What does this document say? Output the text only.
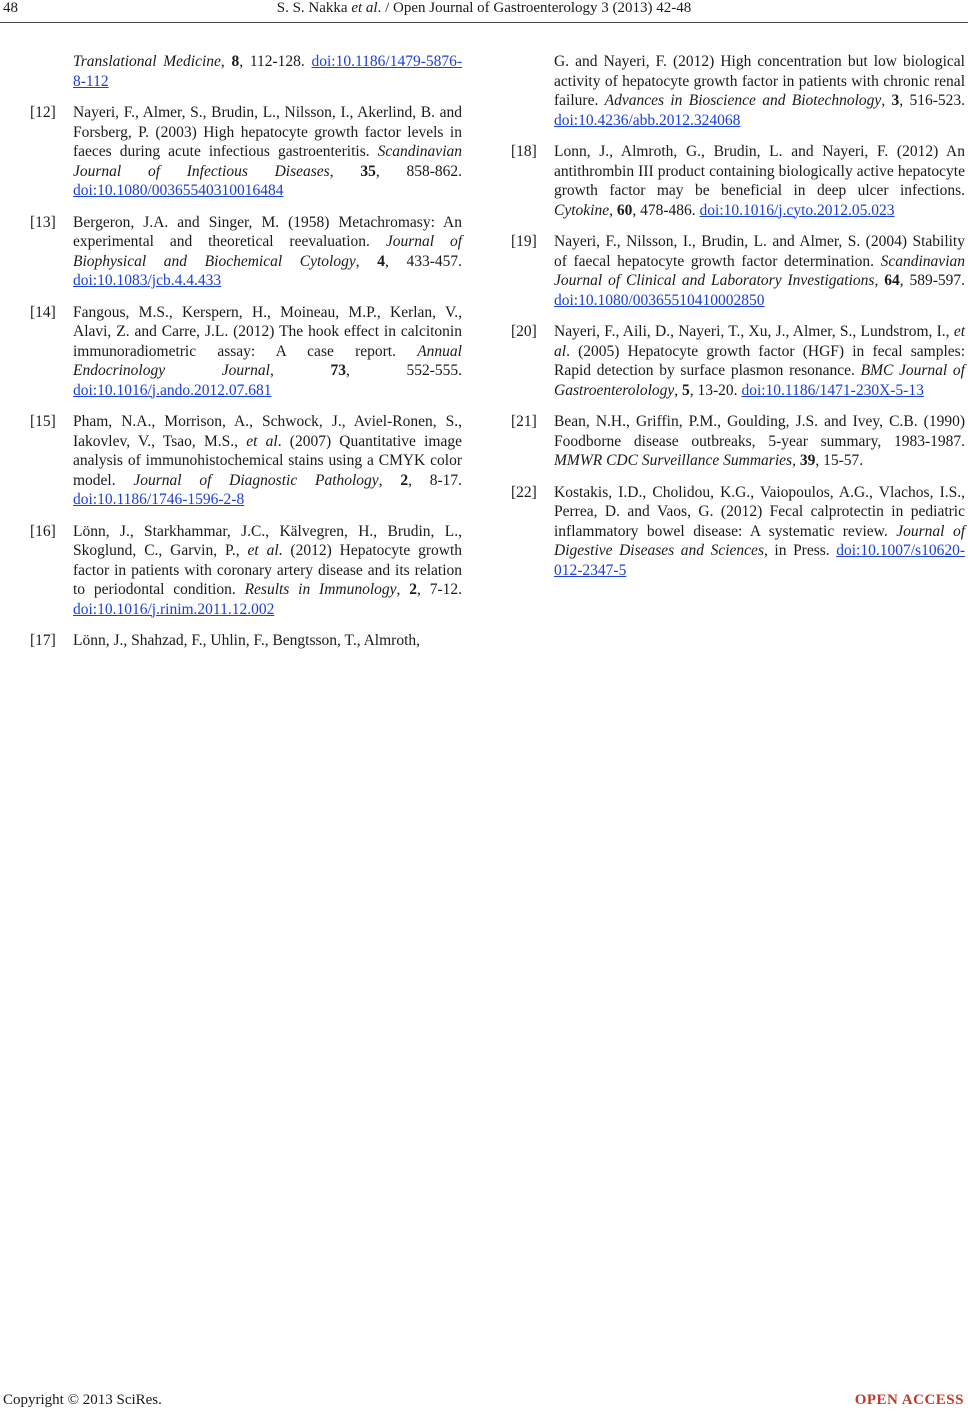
48	S. S. Nakka et al. / Open Journal of Gastroenterology 3 (2013) 42-48
Translational Medicine, 8, 112-128. doi:10.1186/1479-5876-8-112
[12]	Nayeri, F., Almer, S., Brudin, L., Nilsson, I., Akerlind, B. and Forsberg, P. (2003) High hepatocyte growth factor levels in faeces during acute infectious gastroenteritis. Scandinavian Journal of Infectious Diseases, 35, 858-862. doi:10.1080/00365540310016484
[13]	Bergeron, J.A. and Singer, M. (1958) Metachromasy: An experimental and theoretical reevaluation. Journal of Biophysical and Biochemical Cytology, 4, 433-457. doi:10.1083/jcb.4.4.433
[14]	Fangous, M.S., Kerspern, H., Moineau, M.P., Kerlan, V., Alavi, Z. and Carre, J.L. (2012) The hook effect in calcitonin immunoradiometric assay: A case report. Annual Endocrinology Journal, 73, 552-555. doi:10.1016/j.ando.2012.07.681
[15]	Pham, N.A., Morrison, A., Schwock, J., Aviel-Ronen, S., Iakovlev, V., Tsao, M.S., et al. (2007) Quantitative image analysis of immunohistochemical stains using a CMYK color model. Journal of Diagnostic Pathology, 2, 8-17. doi:10.1186/1746-1596-2-8
[16]	Lönn, J., Starkhammar, J.C., Kälvegren, H., Brudin, L., Skoglund, C., Garvin, P., et al. (2012) Hepatocyte growth factor in patients with coronary artery disease and its relation to periodontal condition. Results in Immunology, 2, 7-12. doi:10.1016/j.rinim.2011.12.002
[17]	Lönn, J., Shahzad, F., Uhlin, F., Bengtsson, T., Almroth,
G. and Nayeri, F. (2012) High concentration but low biological activity of hepatocyte growth factor in patients with chronic renal failure. Advances in Bioscience and Biotechnology, 3, 516-523. doi:10.4236/abb.2012.324068
[18]	Lonn, J., Almroth, G., Brudin, L. and Nayeri, F. (2012) An antithrombin III product containing biologically active hepatocyte growth factor may be beneficial in deep ulcer infections. Cytokine, 60, 478-486. doi:10.1016/j.cyto.2012.05.023
[19]	Nayeri, F., Nilsson, I., Brudin, L. and Almer, S. (2004) Stability of faecal hepatocyte growth factor determination. Scandinavian Journal of Clinical and Laboratory Investigations, 64, 589-597. doi:10.1080/00365510410002850
[20]	Nayeri, F., Aili, D., Nayeri, T., Xu, J., Almer, S., Lundstrom, I., et al. (2005) Hepatocyte growth factor (HGF) in fecal samples: Rapid detection by surface plasmon resonance. BMC Journal of Gastroenterolology, 5, 13-20. doi:10.1186/1471-230X-5-13
[21]	Bean, N.H., Griffin, P.M., Goulding, J.S. and Ivey, C.B. (1990) Foodborne disease outbreaks, 5-year summary, 1983-1987. MMWR CDC Surveillance Summaries, 39, 15-57.
[22]	Kostakis, I.D., Cholidou, K.G., Vaiopoulos, A.G., Vlachos, I.S., Perrea, D. and Vaos, G. (2012) Fecal calprotectin in pediatric inflammatory bowel disease: A systematic review. Journal of Digestive Diseases and Sciences, in Press. doi:10.1007/s10620-012-2347-5
Copyright © 2013 SciRes.	OPEN ACCESS
